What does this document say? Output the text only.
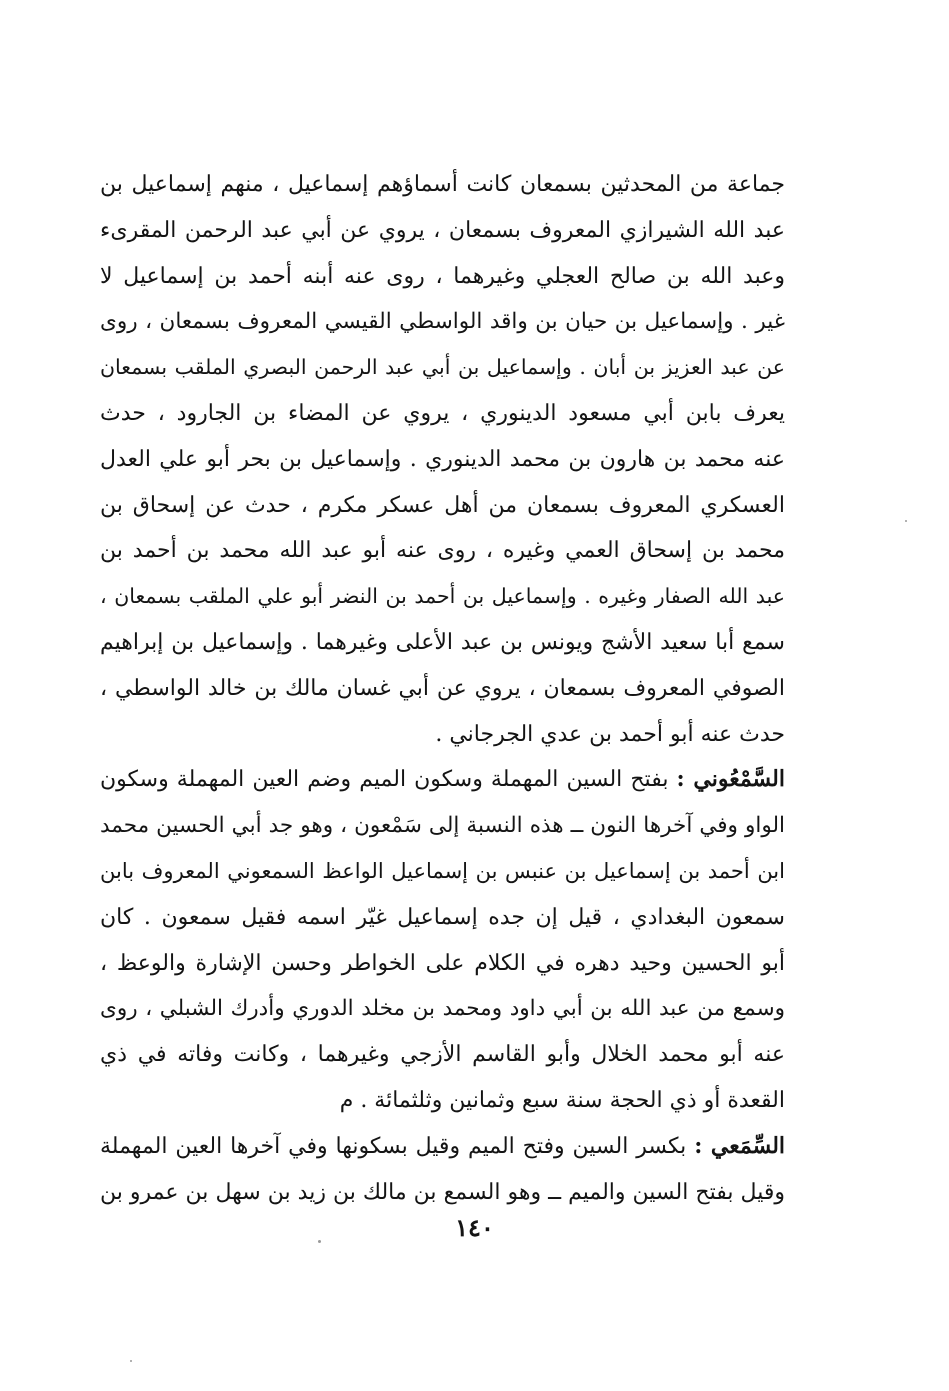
جماعة من المحدثين بسمعان كانت أسماؤهم إسماعيل ، منهم إسماعيل بن
عبد الله الشيرازي المعروف بسمعان ، يروي عن أبي عبد الرحمن المقرىء
وعبد الله بن صالح العجلي وغيرهما ، روى عنه أبنه أحمد بن إسماعيل لا
غير . وإسماعيل بن حيان بن واقد الواسطي القيسي المعروف بسمعان ، روى
عن عبد العزيز بن أبان . وإسماعيل بن أبي عبد الرحمن البصري الملقب بسمعان
يعرف بابن أبي مسعود الدينوري ، يروي عن المضاء بن الجارود ، حدث
عنه محمد بن هارون بن محمد الدينوري . وإسماعيل بن بحر أبو علي العدل
العسكري المعروف بسمعان من أهل عسكر مكرم ، حدث عن إسحاق بن
محمد بن إسحاق العمي وغيره ، روى عنه أبو عبد الله محمد بن أحمد بن
عبد الله الصفار وغيره . وإسماعيل بن أحمد بن النضر أبو علي الملقب بسمعان ،
سمع أبا سعيد الأشج ويونس بن عبد الأعلى وغيرهما . وإسماعيل بن إبراهيم
الصوفي المعروف بسمعان ، يروي عن أبي غسان مالك بن خالد الواسطي ،
حدث عنه أبو أحمد بن عدي الجرجاني .
السَّمْعُوني : بفتح السين المهملة وسكون الميم وضم العين المهملة وسكون
الواو وفي آخرها النون ــ هذه النسبة إلى سَمْعون ، وهو جد أبي الحسين محمد
ابن أحمد بن إسماعيل بن عنبس بن إسماعيل الواعظ السمعوني المعروف بابن
سمعون البغدادي ، قيل إن جده إسماعيل غيّر اسمه فقيل سمعون . كان
أبو الحسين وحيد دهره في الكلام على الخواطر وحسن الإشارة والوعظ ،
وسمع من عبد الله بن أبي داود ومحمد بن مخلد الدوري وأدرك الشبلي ، روى
عنه أبو محمد الخلال وأبو القاسم الأزجي وغيرهما ، وكانت وفاته في ذي
القعدة أو ذي الحجة سنة سبع وثمانين وثلثمائة . م
السِّمَعي : بكسر السين وفتح الميم وقيل بسكونها وفي آخرها العين المهملة
وقيل بفتح السين والميم ــ وهو السمع بن مالك بن زيد بن سهل بن عمرو بن
١٤٠
